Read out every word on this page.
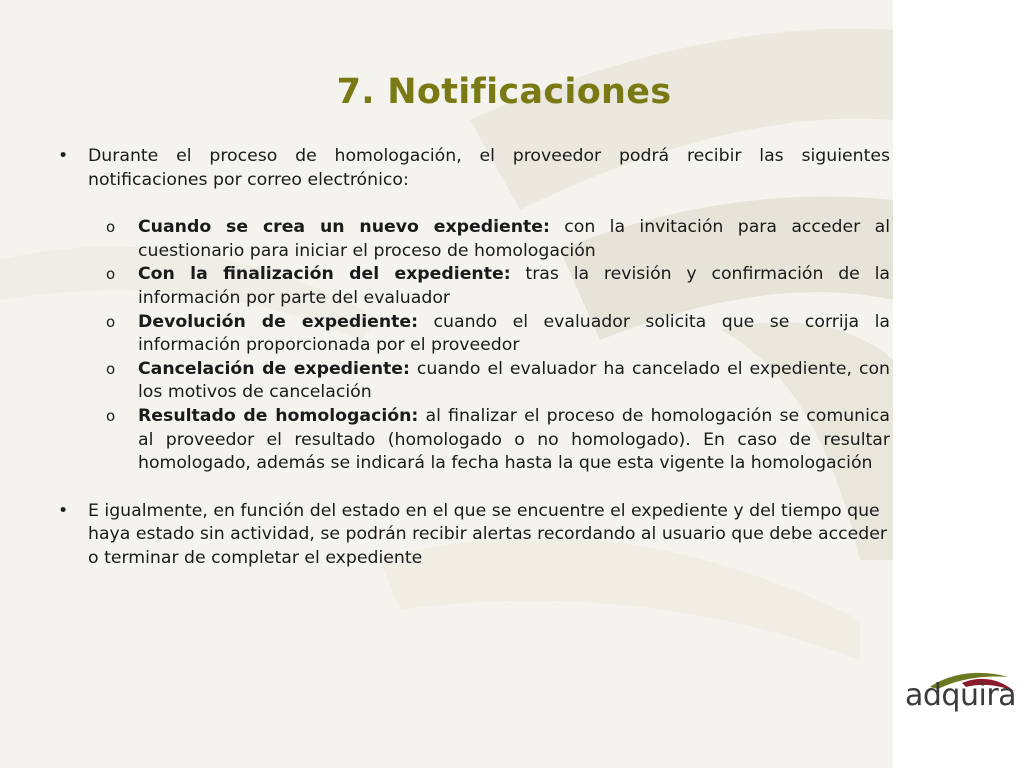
7. Notificaciones
• Durante el proceso de homologación, el proveedor podrá recibir las siguientes notificaciones por correo electrónico:
o Cuando se crea un nuevo expediente: con la invitación para acceder al cuestionario para iniciar el proceso de homologación
o Con la finalización del expediente: tras la revisión y confirmación de la información por parte del evaluador
o Devolución de expediente: cuando el evaluador solicita que se corrija la información proporcionada por el proveedor
o Cancelación de expediente: cuando el evaluador ha cancelado el expediente, con los motivos de cancelación
o Resultado de homologación: al finalizar el proceso de homologación se comunica al proveedor el resultado (homologado o no homologado). En caso de resultar homologado, además se indicará la fecha hasta la que esta vigente la homologación
• E igualmente, en función del estado en el que se encuentre el expediente y del tiempo que haya estado sin actividad, se podrán recibir alertas recordando al usuario que debe acceder o terminar de completar el expediente
adquira
